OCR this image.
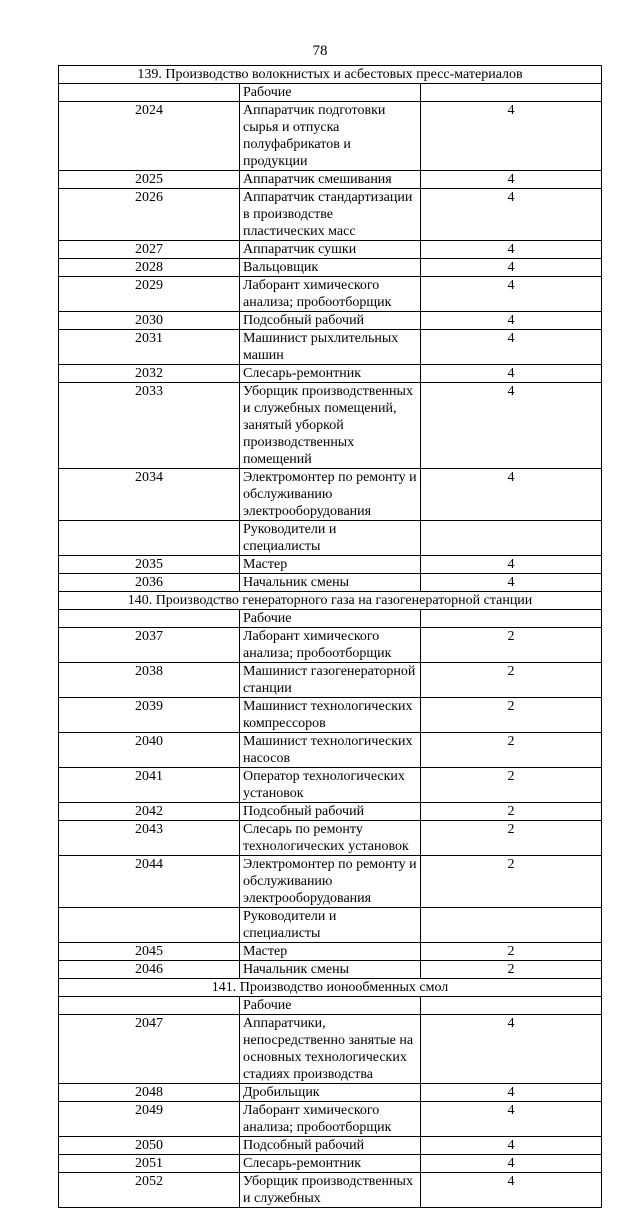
78
139. Производство волокнистых и асбестовых пресс-материалов		
	Рабочие	
2024	Аппаратчик подготовки сырья и отпуска полуфабрикатов и продукции	4
2025	Аппаратчик смешивания	4
2026	Аппаратчик стандартизации в производстве пластических масс	4
2027	Аппаратчик сушки	4
2028	Вальцовщик	4
2029	Лаборант химического анализа; пробоотборщик	4
2030	Подсобный рабочий	4
2031	Машинист рыхлительных машин	4
2032	Слесарь-ремонтник	4
2033	Уборщик производственных и служебных помещений, занятый уборкой производственных помещений	4
2034	Электромонтер по ремонту и обслуживанию электрооборудования	4
	Руководители и специалисты	
2035	Мастер	4
2036	Начальник смены	4
140. Производство генераторного газа на газогенераторной станции		
	Рабочие	
2037	Лаборант химического анализа; пробоотборщик	2
2038	Машинист газогенераторной станции	2
2039	Машинист технологических компрессоров	2
2040	Машинист технологических насосов	2
2041	Оператор технологических установок	2
2042	Подсобный рабочий	2
2043	Слесарь по ремонту технологических установок	2
2044	Электромонтер по ремонту и обслуживанию электрооборудования	2
	Руководители и специалисты	
2045	Мастер	2
2046	Начальник смены	2
141. Производство ионообменных смол		
	Рабочие	
2047	Аппаратчики, непосредственно занятые на основных технологических стадиях производства	4
2048	Дробильщик	4
2049	Лаборант химического анализа; пробоотборщик	4
2050	Подсобный рабочий	4
2051	Слесарь-ремонтник	4
2052	Уборщик производственных и служебных	4
